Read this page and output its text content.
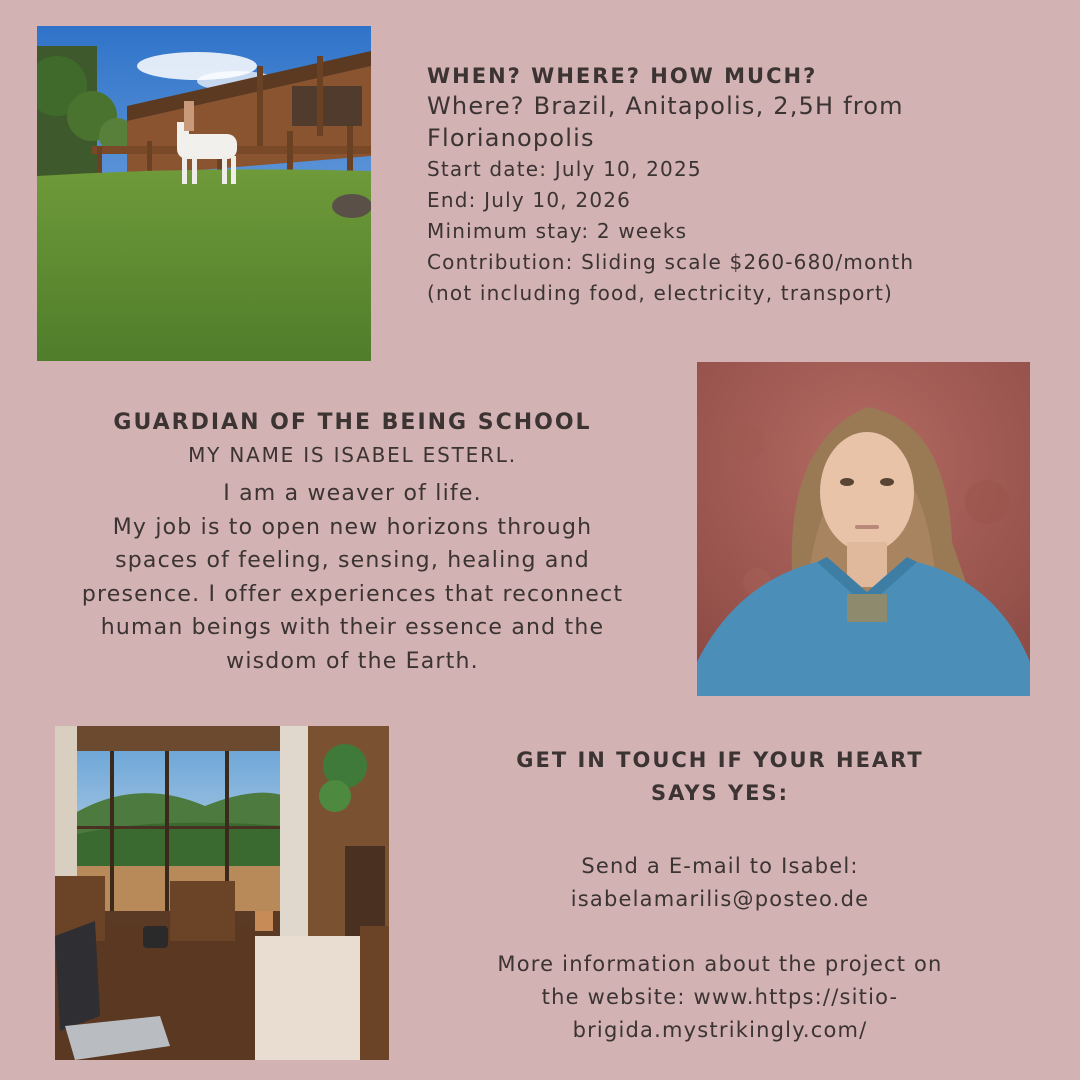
WHEN? WHERE? HOW MUCH?
Where? Brazil, Anitapolis, 2,5H from
Florianopolis
Start date: July 10, 2025
End: July 10, 2026
Minimum stay: 2 weeks
Contribution: Sliding scale $260-680/month
(not including food, electricity, transport)
GUARDIAN OF THE BEING SCHOOL
MY NAME IS ISABEL ESTERL.
I am a weaver of life.
My job is to open new horizons through
spaces of feeling, sensing, healing and
presence. I offer experiences that reconnect
human beings with their essence and the
wisdom of the Earth.
GET IN TOUCH IF YOUR HEART
SAYS YES:
Send a E-mail to Isabel:
isabelamarilis@posteo.de
More information about the project on
the website: www.https://sitio-
brigida.mystrikingly.com/
